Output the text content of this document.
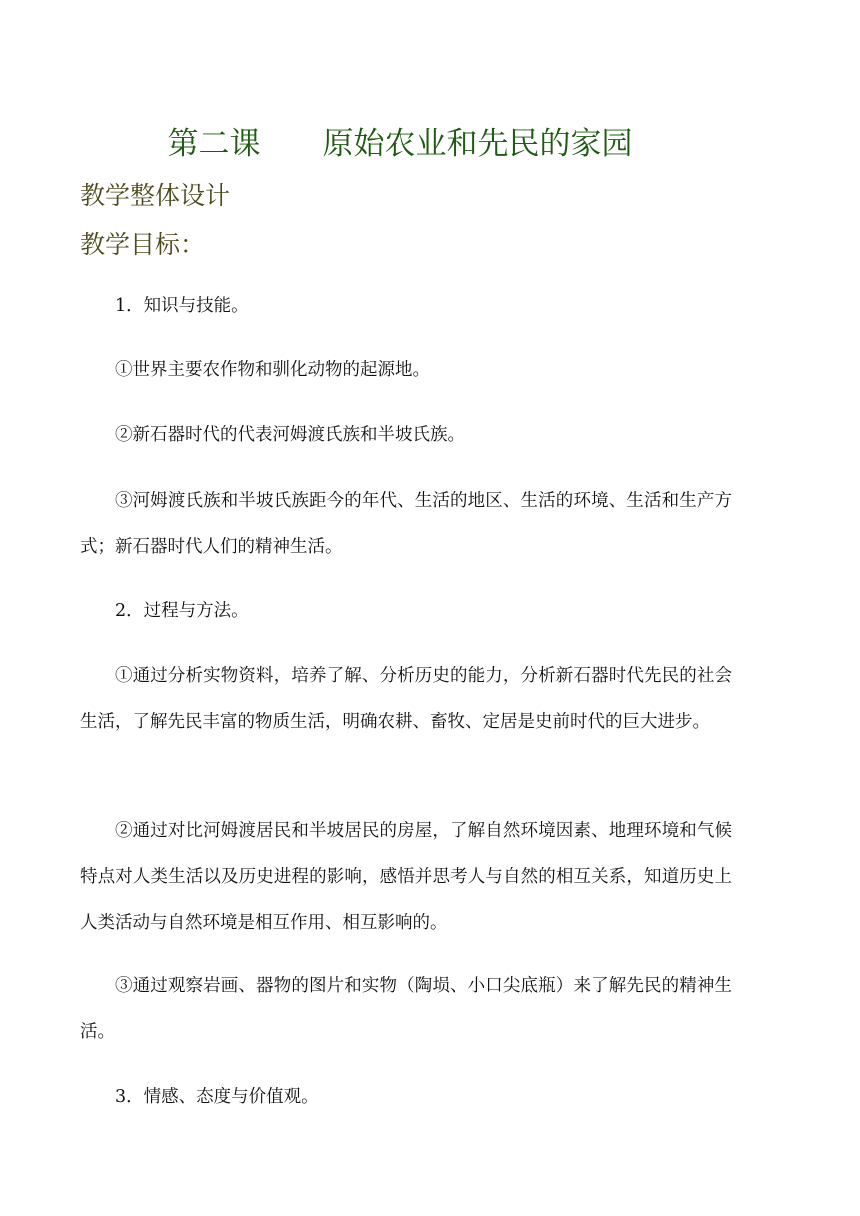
第二课　　原始农业和先民的家园
教学整体设计
教学目标：

1．知识与技能。

①世界主要农作物和驯化动物的起源地。

②新石器时代的代表河姆渡氏族和半坡氏族。

③河姆渡氏族和半坡氏族距今的年代、生活的地区、生活的环境、生活和生产方式；新石器时代人们的精神生活。

2．过程与方法。

①通过分析实物资料，培养了解、分析历史的能力，分析新石器时代先民的社会生活，了解先民丰富的物质生活，明确农耕、畜牧、定居是史前时代的巨大进步。

②通过对比河姆渡居民和半坡居民的房屋，了解自然环境因素、地理环境和气候特点对人类生活以及历史进程的影响，感悟并思考人与自然的相互关系，知道历史上人类活动与自然环境是相互作用、相互影响的。

③通过观察岩画、器物的图片和实物（陶埙、小口尖底瓶）来了解先民的精神生活。

3．情感、态度与价值观。
